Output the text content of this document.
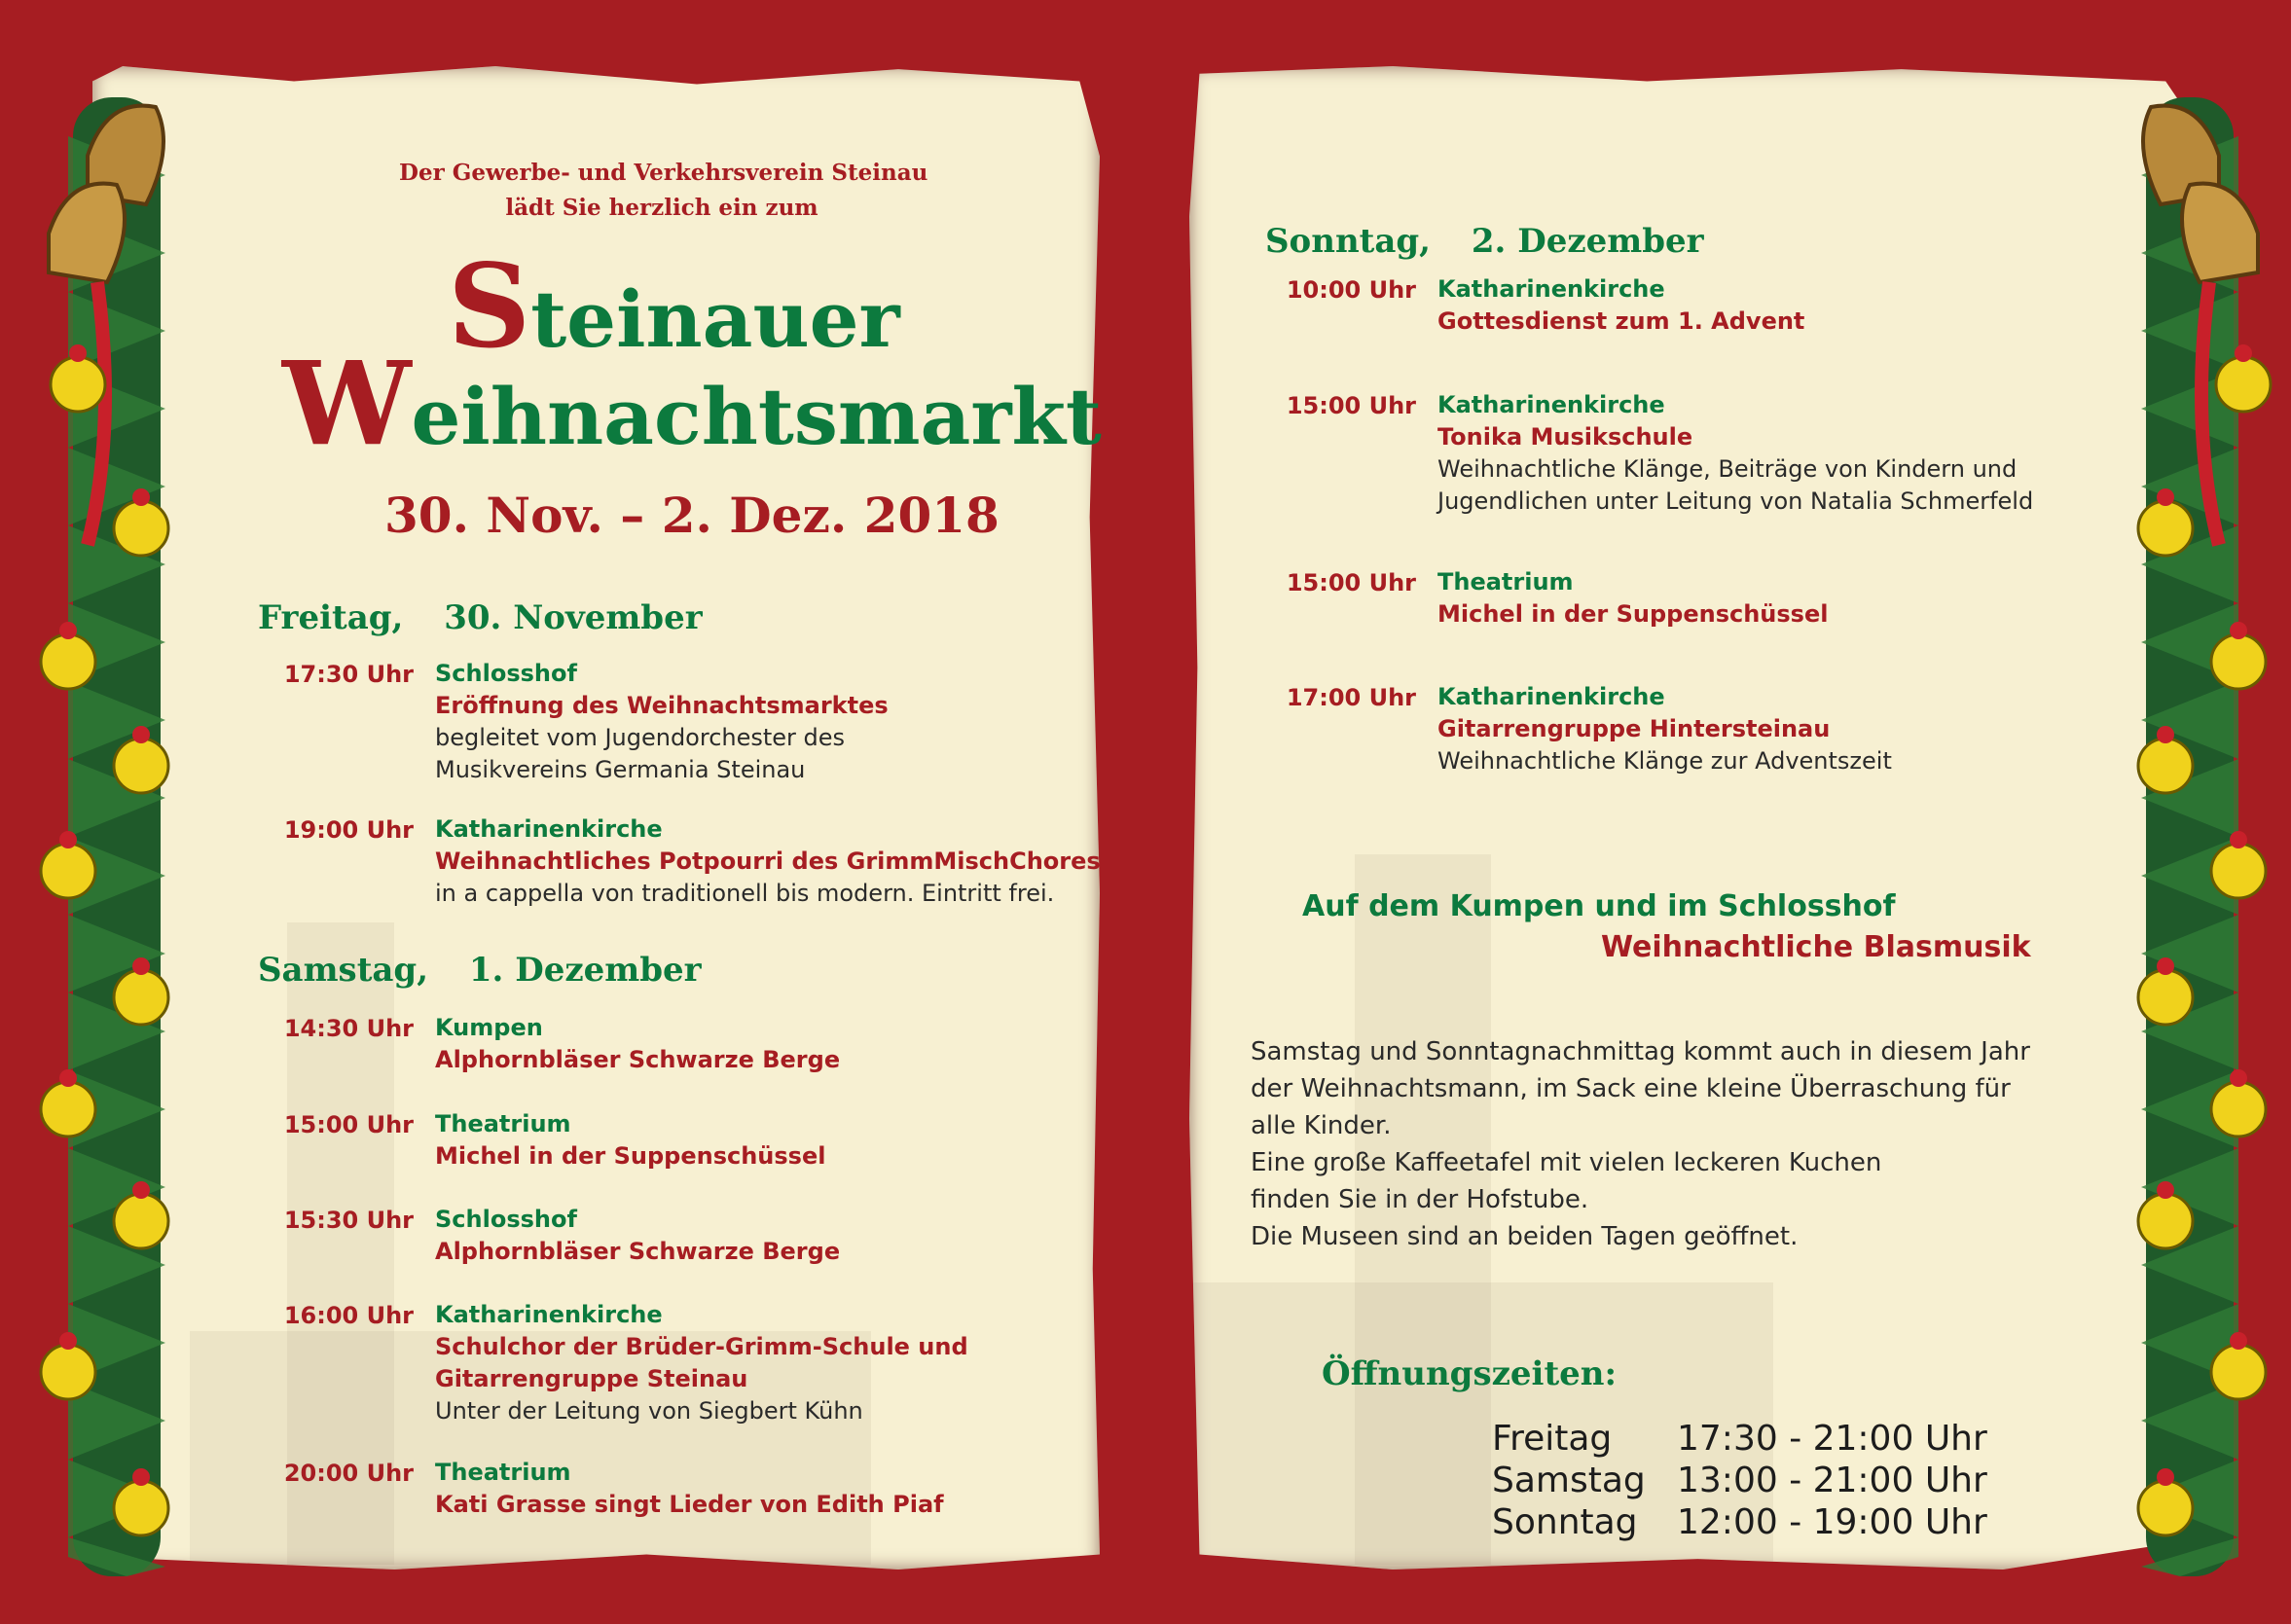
Der Gewerbe- und Verkehrsverein Steinau
lädt Sie herzlich ein zum
Steinauer
Weihnachtsmarkt
30. Nov. – 2. Dez. 2018
Freitag, 30. November
17:30 Uhr Schlosshof
Eröffnung des Weihnachtsmarktes
begleitet vom Jugendorchester des
Musikvereins Germania Steinau
19:00 Uhr Katharinenkirche
Weihnachtliches Potpourri des GrimmMischChores
in a cappella von traditionell bis modern. Eintritt frei.
Samstag, 1. Dezember
14:30 Uhr Kumpen
Alphornbläser Schwarze Berge
15:00 Uhr Theatrium
Michel in der Suppenschüssel
15:30 Uhr Schlosshof
Alphornbläser Schwarze Berge
16:00 Uhr Katharinenkirche
Schulchor der Brüder-Grimm-Schule und
Gitarrengruppe Steinau
Unter der Leitung von Siegbert Kühn
20:00 Uhr Theatrium
Kati Grasse singt Lieder von Edith Piaf
Sonntag, 2. Dezember
10:00 Uhr Katharinenkirche
Gottesdienst zum 1. Advent
15:00 Uhr Katharinenkirche
Tonika Musikschule
Weihnachtliche Klänge, Beiträge von Kindern und
Jugendlichen unter Leitung von Natalia Schmerfeld
15:00 Uhr Theatrium
Michel in der Suppenschüssel
17:00 Uhr Katharinenkirche
Gitarrengruppe Hintersteinau
Weihnachtliche Klänge zur Adventszeit
Auf dem Kumpen und im Schlosshof
Weihnachtliche Blasmusik
Samstag und Sonntagnachmittag kommt auch in diesem Jahr
der Weihnachtsmann, im Sack eine kleine Überraschung für
alle Kinder.
Eine große Kaffeetafel mit vielen leckeren Kuchen
finden Sie in der Hofstube.
Die Museen sind an beiden Tagen geöffnet.
Öffnungszeiten:
Freitag 17:30 - 21:00 Uhr
Samstag 13:00 - 21:00 Uhr
Sonntag 12:00 - 19:00 Uhr
